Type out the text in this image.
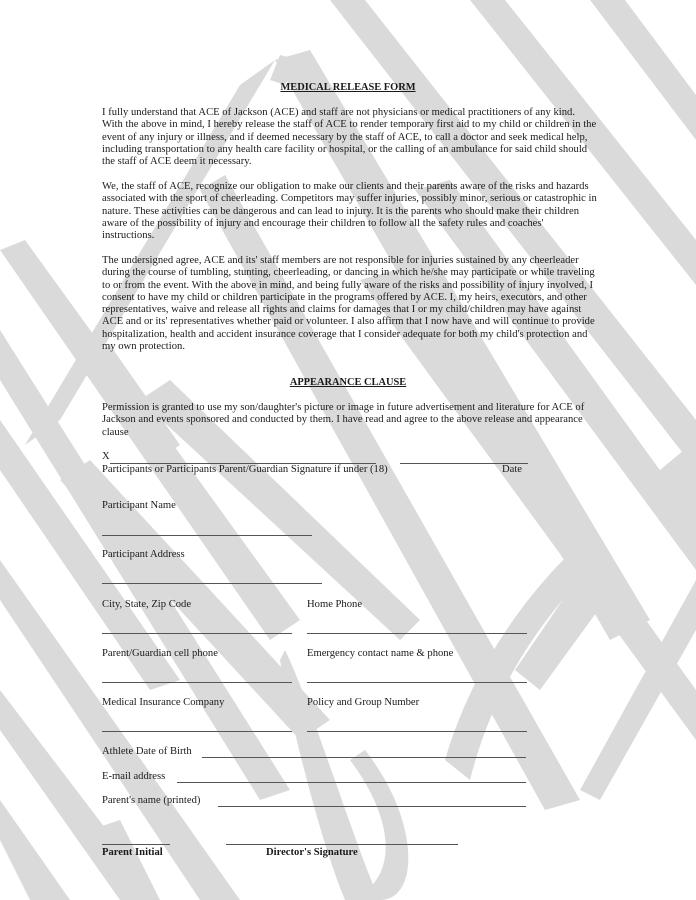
MEDICAL RELEASE FORM
I fully understand that ACE of Jackson (ACE) and staff are not physicians or medical practitioners of any kind. With the above in mind, I hereby release the staff of ACE to render temporary first aid to my child or children in the event of any injury or illness, and if deemed necessary by the staff of ACE, to call a doctor and seek medical help, including transportation to any health care facility or hospital, or the calling of an ambulance for said child should the staff of ACE deem it necessary.
We, the staff of ACE, recognize our obligation to make our clients and their parents aware of the risks and hazards associated with the sport of cheerleading. Competitors may suffer injuries, possibly minor, serious or catastrophic in nature. These activities can be dangerous and can lead to injury. It is the parents who should make their children aware of the possibility of injury and encourage their children to follow all the safety rules and coaches' instructions.
The undersigned agree, ACE and its' staff members are not responsible for injuries sustained by any cheerleader during the course of tumbling, stunting, cheerleading, or dancing in which he/she may participate or while traveling to or from the event. With the above in mind, and being fully aware of the risks and possibility of injury involved, I consent to have my child or children participate in the programs offered by ACE. I, my heirs, executors, and other representatives, waive and release all rights and claims for damages that I or my child/children may have against ACE and or its' representatives whether paid or volunteer. I also affirm that I now have and will continue to provide hospitalization, health and accident insurance coverage that I consider adequate for both my child's protection and my own protection.
APPEARANCE CLAUSE
Permission is granted to use my son/daughter's picture or image in future advertisement and literature for ACE of Jackson and events sponsored and conducted by them. I have read and agree to the above release and appearance clause
X
Participants or Participants Parent/Guardian Signature if under (18)	Date
Participant Name
Participant Address
City, State, Zip Code	Home Phone
Parent/Guardian cell phone	Emergency contact name & phone
Medical Insurance Company	Policy and Group Number
Athlete Date of Birth
E-mail address
Parent's name (printed)
Parent Initial	Director's Signature
